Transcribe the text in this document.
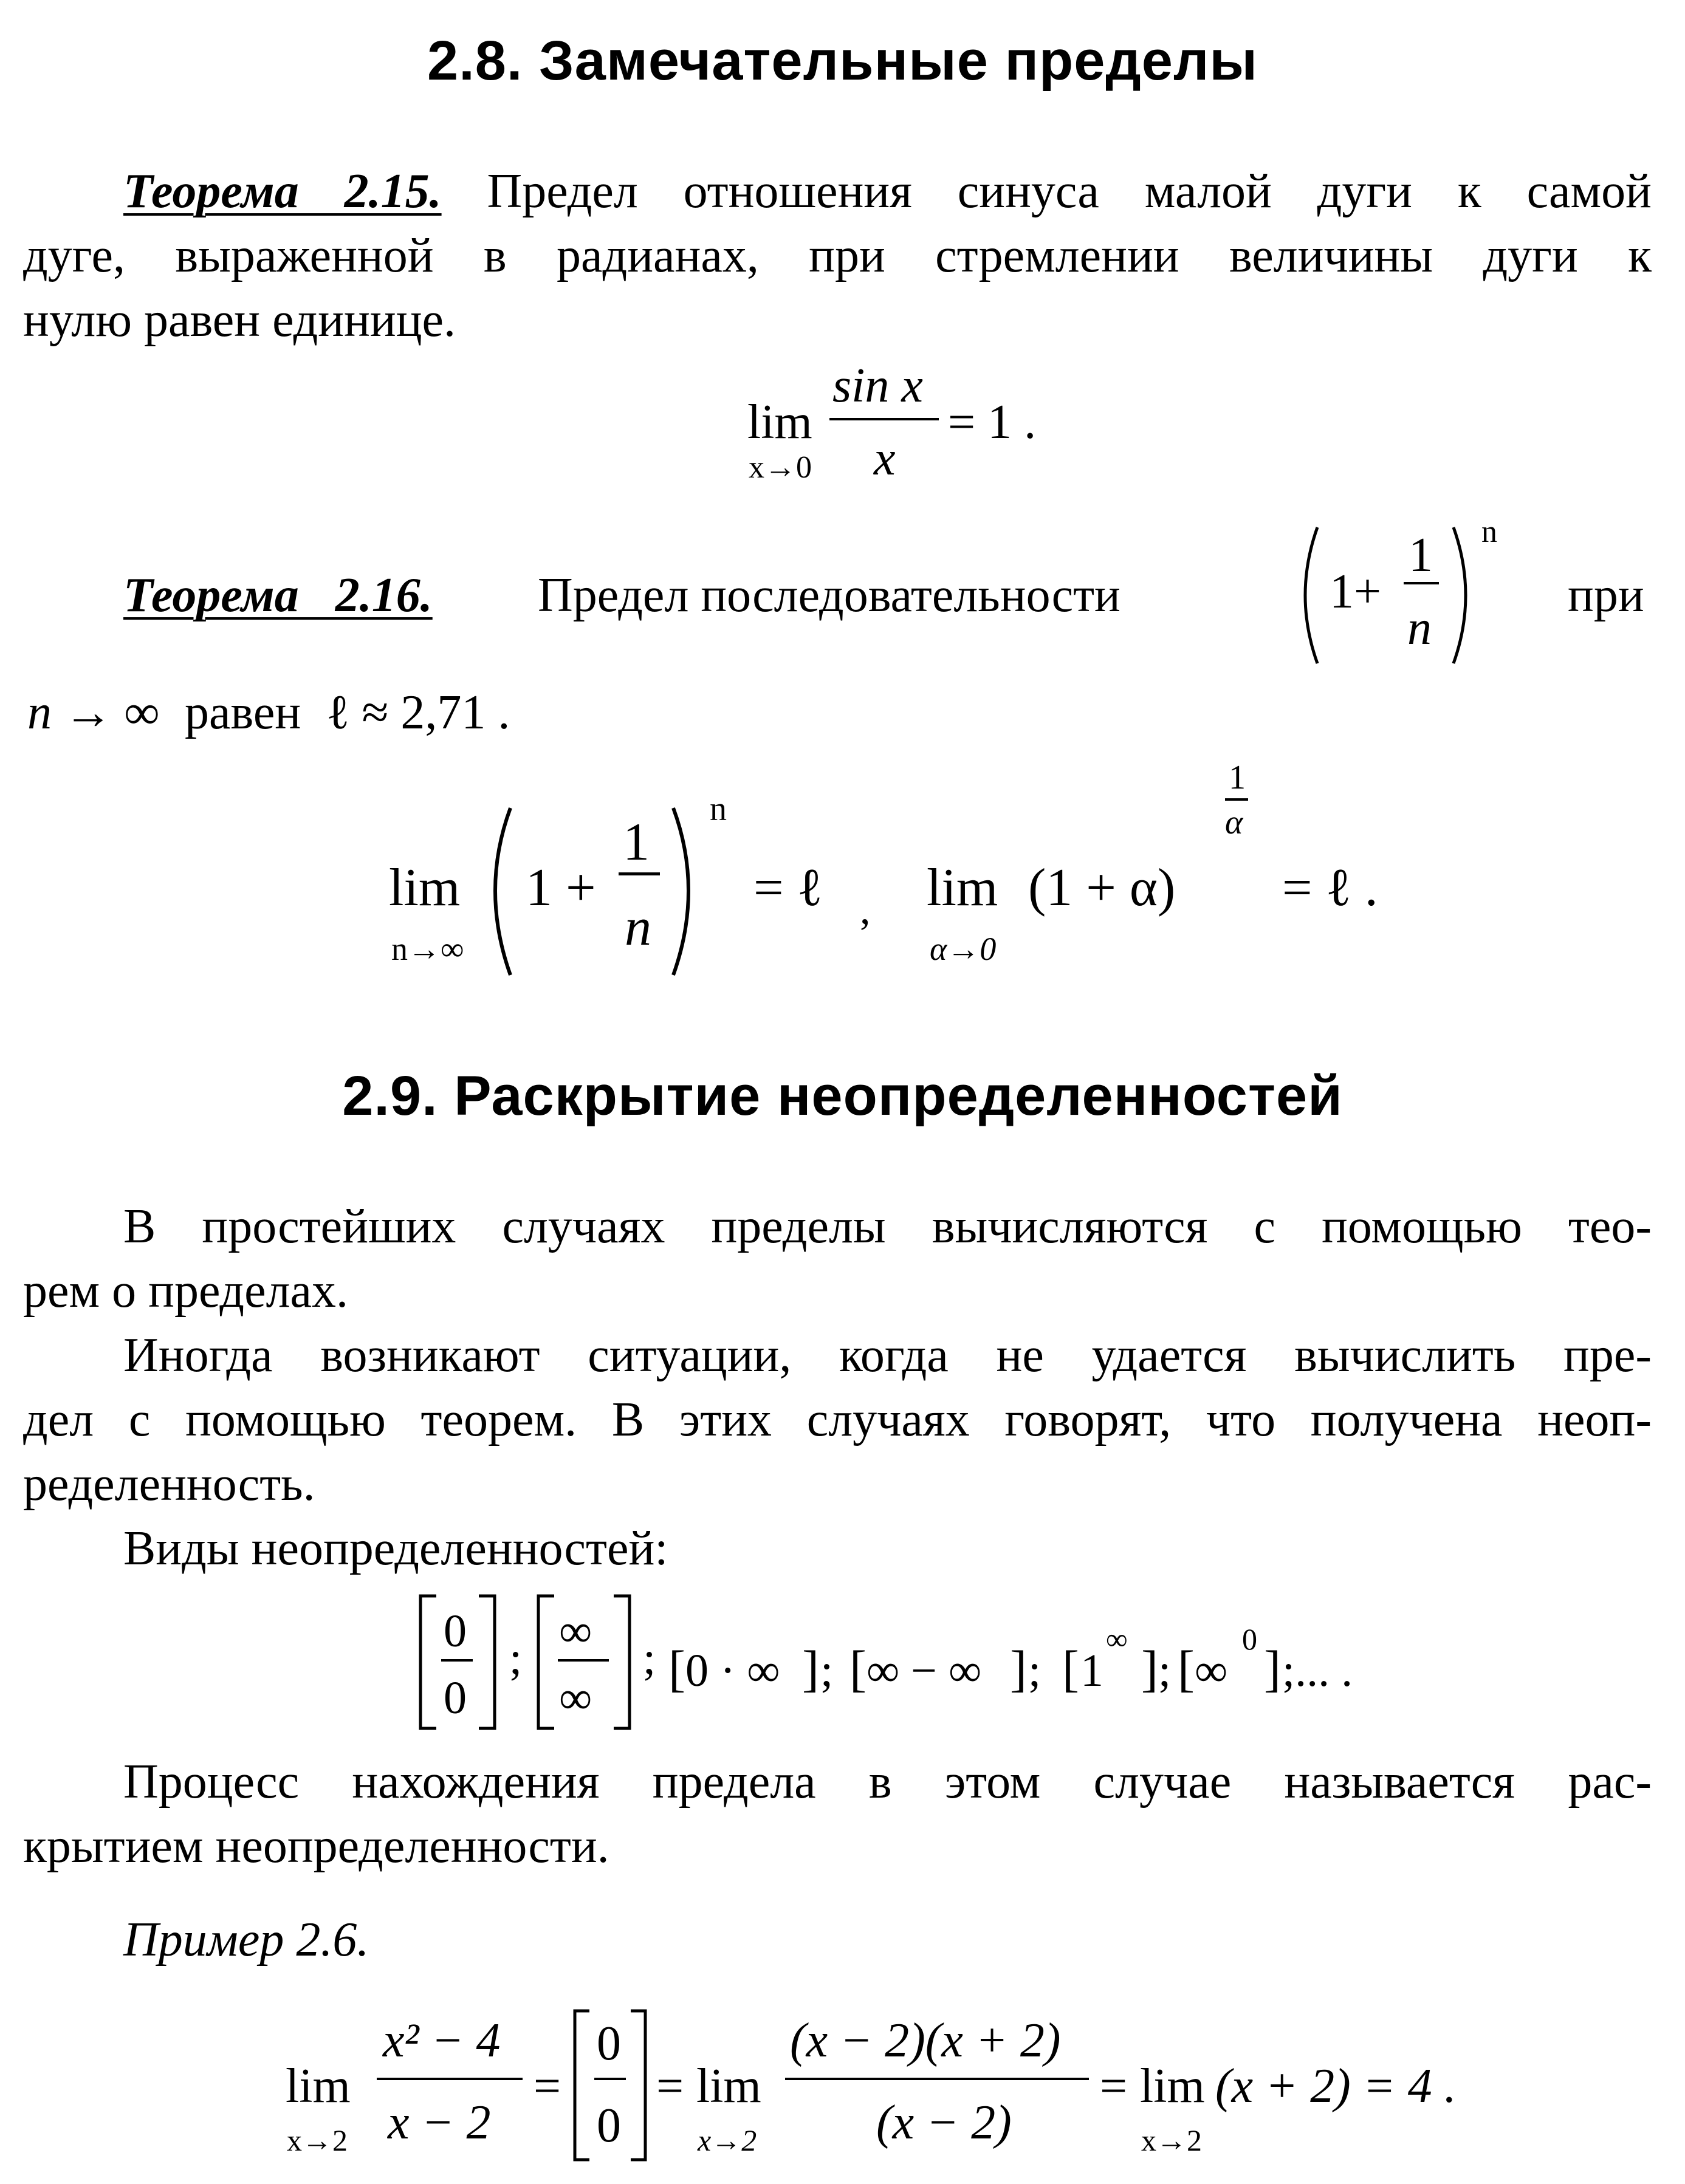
2.8. Замечательные пределы
Теорема 2.15. Предел отношения синуса малой дуги к самой
дуге, выраженной в радианах, при стремлении величины дуги к
нулю равен единице.
lim
x→0
sin x
x
= 1 .
Теорема 2.16. Предел последовательности	1+
1
n
n
при
n → ∞ равен ℓ ≈ 2,71 .
lim
n→∞
1 +
1
n
n
= ℓ , lim
α→0
(1 + α)
1
α
= ℓ .
2.9. Раскрытие неопределенностей
В простейших случаях пределы вычисляются с помощью тео-
рем о пределах.
Иногда возникают ситуации, когда не удается вычислить пре-
дел с помощью теорем. В этих случаях говорят, что получена неоп-
ределенность.
Виды неопределенностей:
0
0
;
∞
∞
; [ 0 · ∞ ] ; [ ∞ − ∞ ] ; [ 1
∞
] ; [ ∞
0
] ;... .
Процесс нахождения предела в этом случае называется рас-
крытием неопределенности.
Пример 2.6.
lim
x→2
x² − 4
x − 2
=
0
0
= lim
x→2
(x − 2)(x + 2)
(x − 2)
= lim
x→2
(x + 2) = 4 .
